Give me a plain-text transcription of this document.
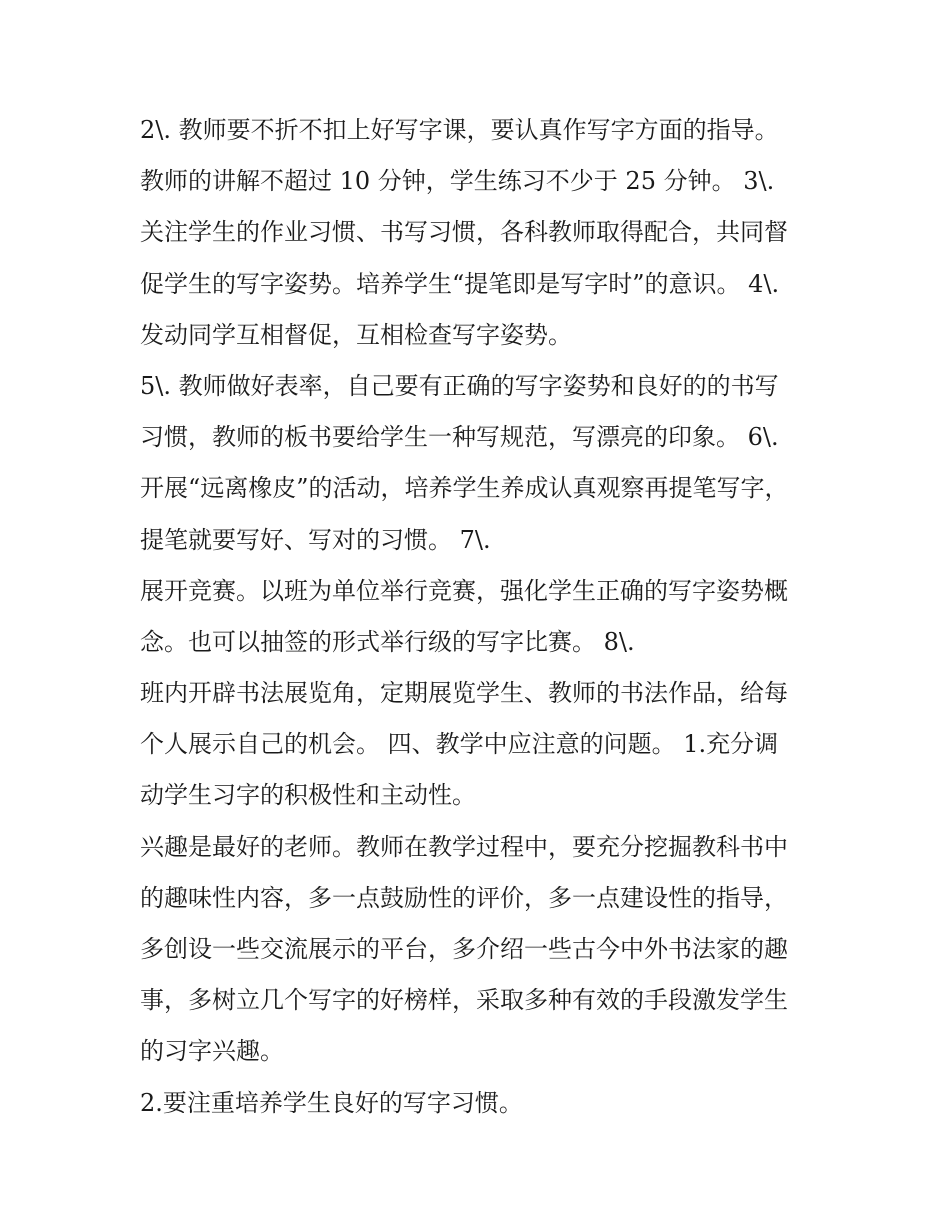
2\. 教师要不折不扣上好写字课，要认真作写字方面的指导。
教师的讲解不超过 10 分钟，学生练习不少于 25 分钟。 3\.
关注学生的作业习惯、书写习惯，各科教师取得配合，共同督
促学生的写字姿势。培养学生“提笔即是写字时”的意识。 4\.
发动同学互相督促，互相检查写字姿势。
5\. 教师做好表率，自己要有正确的写字姿势和良好的的书写
习惯，教师的板书要给学生一种写规范，写漂亮的印象。 6\.
开展“远离橡皮”的活动，培养学生养成认真观察再提笔写字，
提笔就要写好、写对的习惯。 7\.
展开竞赛。以班为单位举行竞赛，强化学生正确的写字姿势概
念。也可以抽签的形式举行级的写字比赛。 8\.
班内开辟书法展览角，定期展览学生、教师的书法作品，给每
个人展示自己的机会。 四、教学中应注意的问题。 1.充分调
动学生习字的积极性和主动性。
兴趣是最好的老师。教师在教学过程中，要充分挖掘教科书中
的趣味性内容，多一点鼓励性的评价，多一点建设性的指导，
多创设一些交流展示的平台，多介绍一些古今中外书法家的趣
事，多树立几个写字的好榜样，采取多种有效的手段激发学生
的习字兴趣。
2.要注重培养学生良好的写字习惯。
